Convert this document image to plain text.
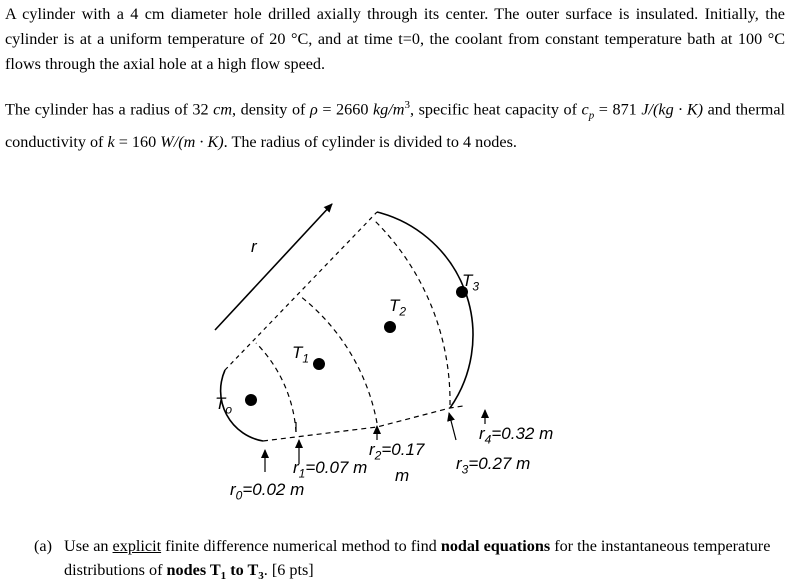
A cylinder with a 4 cm diameter hole drilled axially through its center. The outer surface is insulated. Initially, the cylinder is at a uniform temperature of 20 °C, and at time t=0, the coolant from constant temperature bath at 100 °C flows through the axial hole at a high flow speed.

The cylinder has a radius of 32 cm, density of ρ = 2660 $kg/m^3$, specific heat capacity of $c_p = 871$ J/(kg · K) and thermal conductivity of k = 160 W/(m · K). The radius of cylinder is divided to 4 nodes.

r
$T_o$
$T_1$
$T_2$
$T_3$
$r_0=0.02$ m
$r_1=0.07$ m
$r_2=0.17$
m
$r_3=0.27$ m
$r_4=0.32$ m
(a) Use an explicit finite difference numerical method to find nodal equations for the instantaneous temperature distributions of nodes $T_1$ to $T_3$. [6 pts]
